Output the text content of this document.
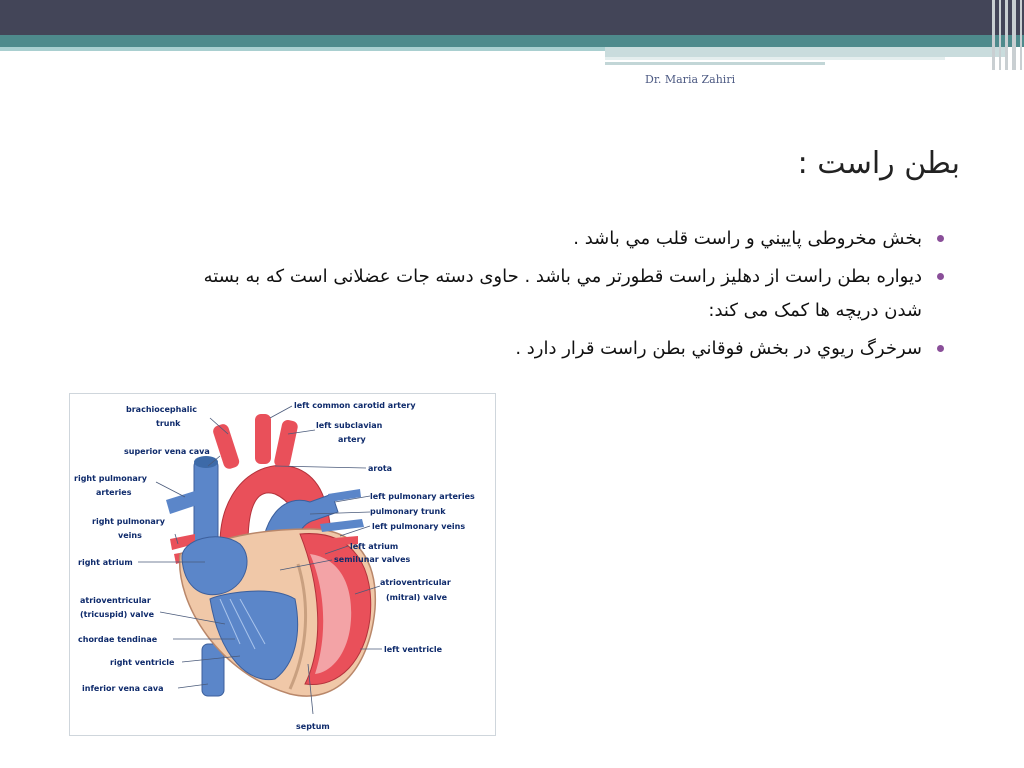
Dr. Maria Zahiri
بطن راست :
بخش مخروطی پاييني و راست قلب مي باشد .
ديواره بطن راست از دهليز راست قطورتر مي باشد . حاوی دسته جات عضلانی است که به بسته شدن دریچه ها کمک می کند:
سرخرگ ريوي در بخش فوقاني بطن راست قرار دارد .
brachiocephalic
trunk
superior vena cava
right pulmonary
arteries
right pulmonary
veins
right atrium
atrioventricular
(tricuspid) valve
chordae tendinae
right ventricle
inferior vena cava
left common carotid artery
left subclavian
artery
arota
left pulmonary arteries
pulmonary trunk
left pulmonary veins
left atrium
semilunar valves
atrioventricular
(mitral) valve
left ventricle
septum
